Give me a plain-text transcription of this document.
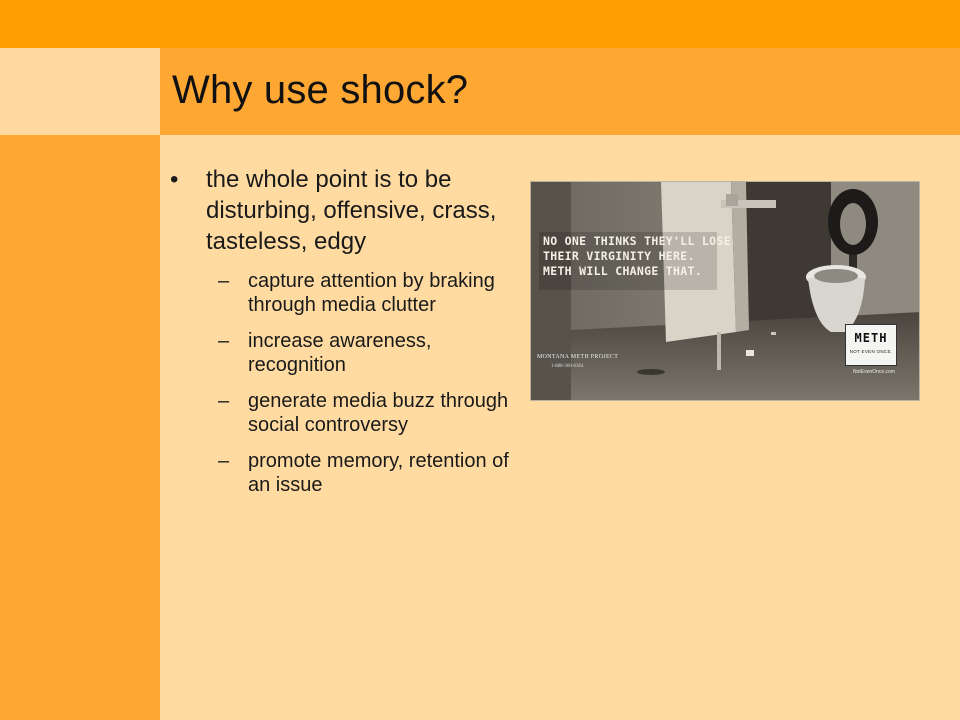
Why use shock?
•	the whole point is to be disturbing, offensive, crass, tasteless, edgy
– capture attention by braking through media clutter
– increase awareness, recognition
– generate media buzz through social controversy
– promote memory, retention of an issue
NO ONE THINKS THEY'LL LOSE
THEIR VIRGINITY HERE.
METH WILL CHANGE THAT.
MONTANA METH PROJECT
1-888-360-6364
METH
NOT EVEN ONCE.
NotEvenOnce.com
